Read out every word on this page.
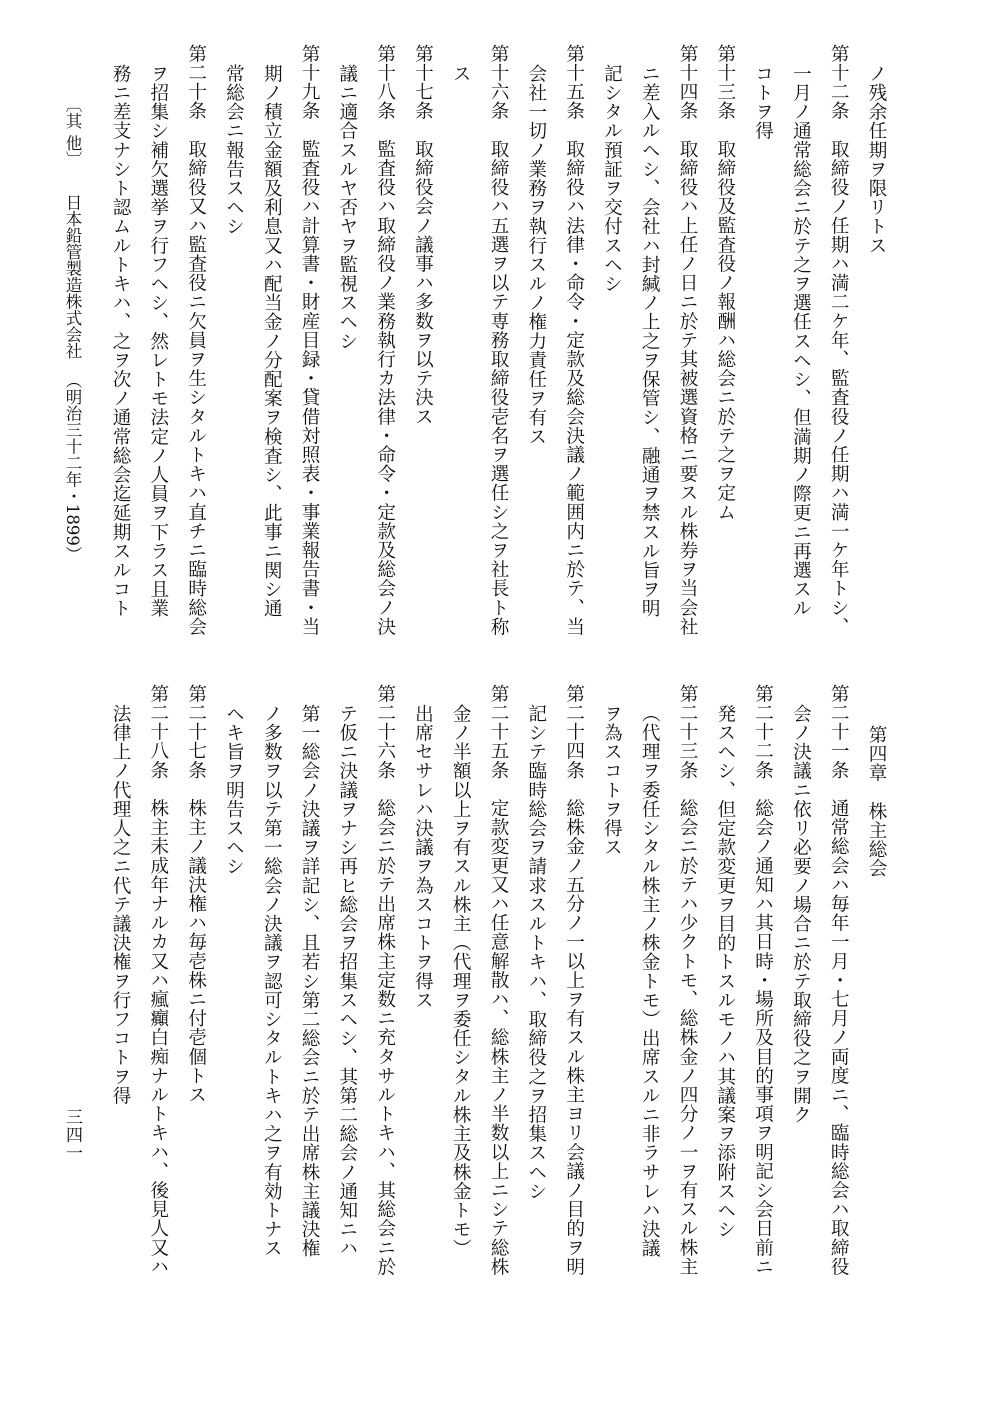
ノ残余任期ヲ限リトス
第十二条　取締役ノ任期ハ満二ケ年、監査役ノ任期ハ満一ケ年トシ、
一月ノ通常総会ニ於テ之ヲ選任スヘシ、但満期ノ際更ニ再選スル
コトヲ得
第十三条　取締役及監査役ノ報酬ハ総会ニ於テ之ヲ定ム
第十四条　取締役ハ上任ノ日ニ於テ其被選資格ニ要スル株券ヲ当会社
ニ差入ルヘシ、会社ハ封緘ノ上之ヲ保管シ、融通ヲ禁スル旨ヲ明
記シタル預証ヲ交付スヘシ
第十五条　取締役ハ法律・命令・定款及総会決議ノ範囲内ニ於テ、当
会社一切ノ業務ヲ執行スルノ権力責任ヲ有ス
第十六条　取締役ハ五選ヲ以テ専務取締役壱名ヲ選任シ之ヲ社長ト称
ス
第十七条　取締役会ノ議事ハ多数ヲ以テ決ス
第十八条　監査役ハ取締役ノ業務執行カ法律・命令・定款及総会ノ決
議ニ適合スルヤ否ヤヲ監視スヘシ
第十九条　監査役ハ計算書・財産目録・貸借対照表・事業報告書・当
期ノ積立金額及利息又ハ配当金ノ分配案ヲ検査シ、此事ニ関シ通
常総会ニ報告スヘシ
第二十条　取締役又ハ監査役ニ欠員ヲ生シタルトキハ直チニ臨時総会
ヲ招集シ補欠選挙ヲ行フヘシ、然レトモ法定ノ人員ヲ下ラス且業
務ニ差支ナシト認ムルトキハ、之ヲ次ノ通常総会迄延期スルコト
〔其 他〕日本鉛管製造株式会社（明治三十二年・1899）
第四章　株主総会
第二十一条　通常総会ハ毎年一月・七月ノ両度ニ、臨時総会ハ取締役
会ノ決議ニ依リ必要ノ場合ニ於テ取締役之ヲ開ク
第二十二条　総会ノ通知ハ其日時・場所及目的事項ヲ明記シ会日前ニ
発スヘシ、但定款変更ヲ目的トスルモノハ其議案ヲ添附スヘシ
第二十三条　総会ニ於テハ少クトモ、総株金ノ四分ノ一ヲ有スル株主
（代理ヲ委任シタル株主ノ株金トモ）出席スルニ非ラサレハ決議
ヲ為スコトヲ得ス
第二十四条　総株金ノ五分ノ一以上ヲ有スル株主ヨリ会議ノ目的ヲ明
記シテ臨時総会ヲ請求スルトキハ、取締役之ヲ招集スヘシ
第二十五条　定款変更又ハ任意解散ハ、総株主ノ半数以上ニシテ総株
金ノ半額以上ヲ有スル株主（代理ヲ委任シタル株主及株金トモ）
出席セサレハ決議ヲ為スコトヲ得ス
第二十六条　総会ニ於テ出席株主定数ニ充タサルトキハ、其総会ニ於
テ仮ニ決議ヲナシ再ヒ総会ヲ招集スヘシ、其第二総会ノ通知ニハ
第一総会ノ決議ヲ詳記シ、且若シ第二総会ニ於テ出席株主議決権
ノ多数ヲ以テ第一総会ノ決議ヲ認可シタルトキハ之ヲ有効トナス
ヘキ旨ヲ明告スヘシ
第二十七条　株主ノ議決権ハ毎壱株ニ付壱個トス
第二十八条　株主未成年ナルカ又ハ瘋癲白痴ナルトキハ、後見人又ハ
法律上ノ代理人之ニ代テ議決権ヲ行フコトヲ得
三四一
